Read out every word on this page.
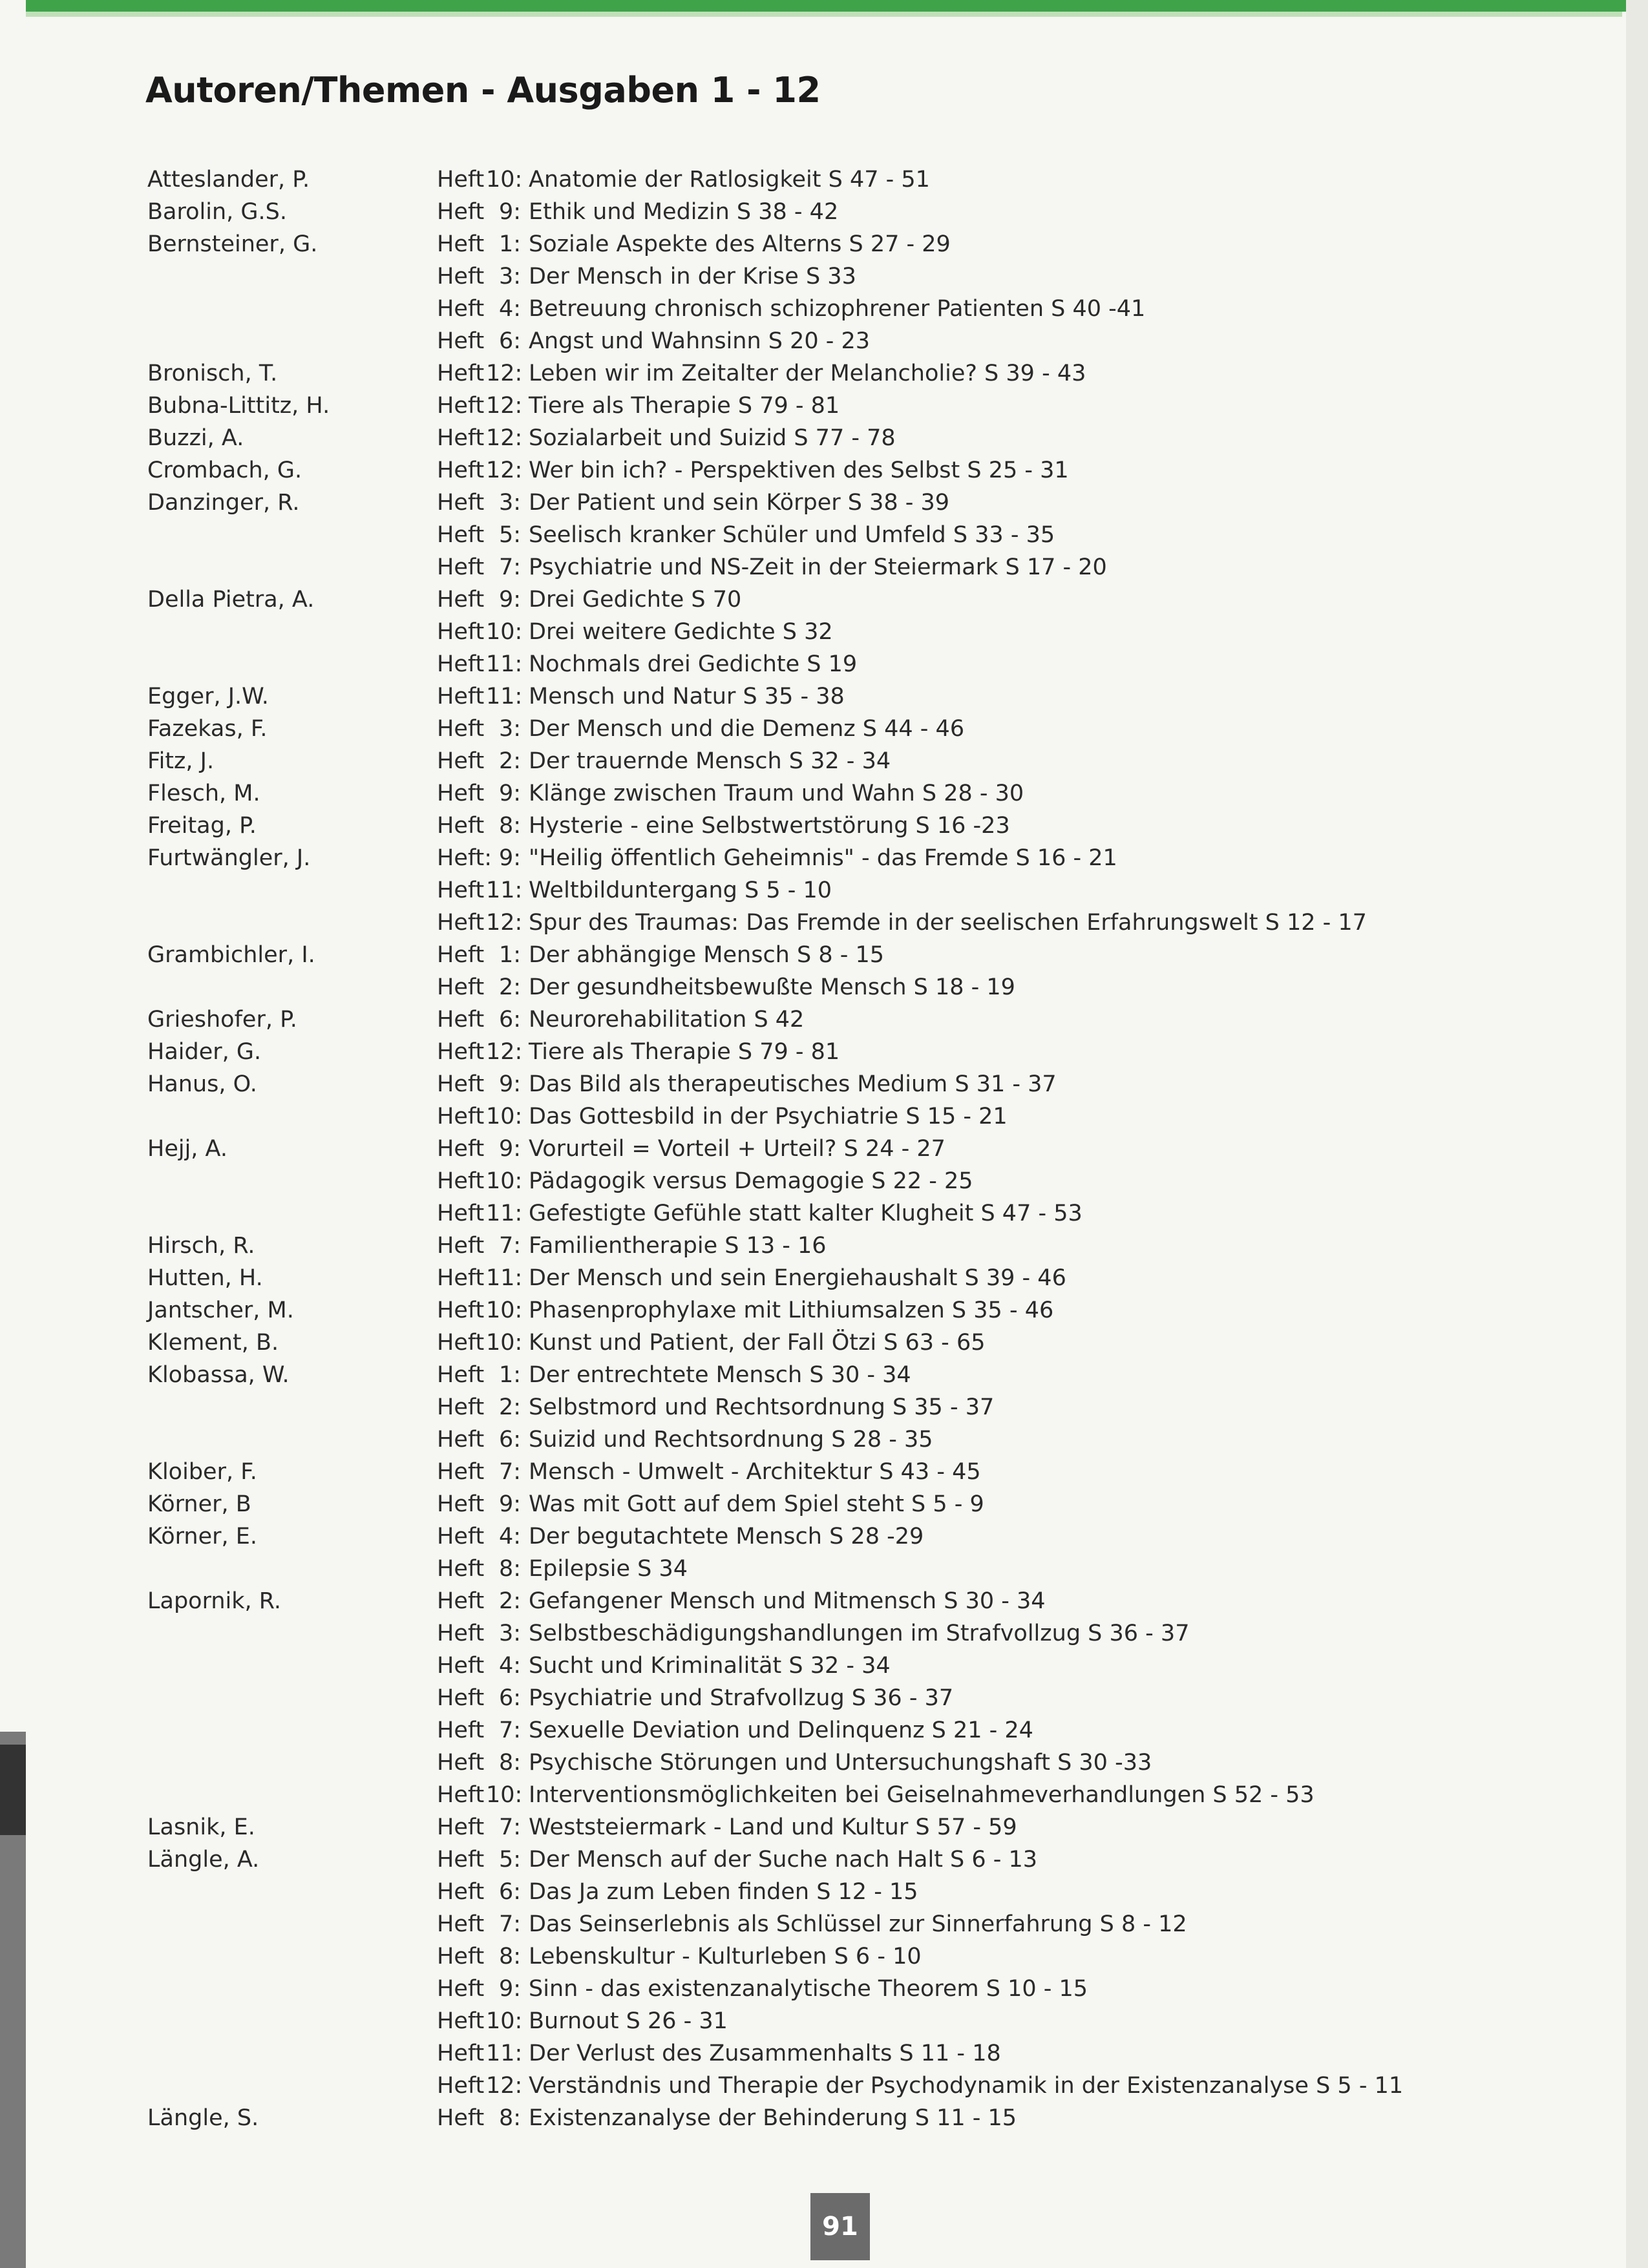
Autoren/Themen - Ausgaben 1 - 12
Atteslander, P.	Heft 10: Anatomie der Ratlosigkeit S 47 - 51
Barolin, G.S.	Heft 9: Ethik und Medizin S 38 - 42
Bernsteiner, G.	Heft 1: Soziale Aspekte des Alterns S 27 - 29
Heft 3: Der Mensch in der Krise S 33
Heft 4: Betreuung chronisch schizophrener Patienten S 40 -41
Heft 6: Angst und Wahnsinn S 20 - 23
Bronisch, T.	Heft 12: Leben wir im Zeitalter der Melancholie? S 39 - 43
Bubna-Littitz, H.	Heft 12: Tiere als Therapie S 79 - 81
Buzzi, A.	Heft 12: Sozialarbeit und Suizid S 77 - 78
Crombach, G.	Heft 12: Wer bin ich? - Perspektiven des Selbst S 25 - 31
Danzinger, R.	Heft 3: Der Patient und sein Körper S 38 - 39
Heft 5: Seelisch kranker Schüler und Umfeld S 33 - 35
Heft 7: Psychiatrie und NS-Zeit in der Steiermark S 17 - 20
Della Pietra, A.	Heft 9: Drei Gedichte S 70
Heft 10: Drei weitere Gedichte S 32
Heft 11: Nochmals drei Gedichte S 19
Egger, J.W.	Heft 11: Mensch und Natur S 35 - 38
Fazekas, F.	Heft 3: Der Mensch und die Demenz S 44 - 46
Fitz, J.	Heft 2: Der trauernde Mensch S 32 - 34
Flesch, M.	Heft 9: Klänge zwischen Traum und Wahn S 28 - 30
Freitag, P.	Heft 8: Hysterie - eine Selbstwertstörung S 16 -23
Furtwängler, J.	Heft: 9: "Heilig öffentlich Geheimnis" - das Fremde S 16 - 21
Heft 11: Weltbilduntergang S 5 - 10
Heft 12: Spur des Traumas: Das Fremde in der seelischen Erfahrungswelt S 12 - 17
Grambichler, I.	Heft 1: Der abhängige Mensch S 8 - 15
Heft 2: Der gesundheitsbewußte Mensch S 18 - 19
Grieshofer, P.	Heft 6: Neurorehabilitation S 42
Haider, G.	Heft 12: Tiere als Therapie S 79 - 81
Hanus, O.	Heft 9: Das Bild als therapeutisches Medium S 31 - 37
Heft 10: Das Gottesbild in der Psychiatrie S 15 - 21
Hejj, A.	Heft 9: Vorurteil = Vorteil + Urteil? S 24 - 27
Heft 10: Pädagogik versus Demagogie S 22 - 25
Heft 11: Gefestigte Gefühle statt kalter Klugheit S 47 - 53
Hirsch, R.	Heft 7: Familientherapie S 13 - 16
Hutten, H.	Heft 11: Der Mensch und sein Energiehaushalt S 39 - 46
Jantscher, M.	Heft 10: Phasenprophylaxe mit Lithiumsalzen S 35 - 46
Klement, B.	Heft 10: Kunst und Patient, der Fall Ötzi S 63 - 65
Klobassa, W.	Heft 1: Der entrechtete Mensch S 30 - 34
Heft 2: Selbstmord und Rechtsordnung S 35 - 37
Heft 6: Suizid und Rechtsordnung S 28 - 35
Kloiber, F.	Heft 7: Mensch - Umwelt - Architektur S 43 - 45
Körner, B	Heft 9: Was mit Gott auf dem Spiel steht S 5 - 9
Körner, E.	Heft 4: Der begutachtete Mensch S 28 -29
Heft 8: Epilepsie S 34
Lapornik, R.	Heft 2: Gefangener Mensch und Mitmensch S 30 - 34
Heft 3: Selbstbeschädigungshandlungen im Strafvollzug S 36 - 37
Heft 4: Sucht und Kriminalität S 32 - 34
Heft 6: Psychiatrie und Strafvollzug S 36 - 37
Heft 7: Sexuelle Deviation und Delinquenz S 21 - 24
Heft 8: Psychische Störungen und Untersuchungshaft S 30 -33
Heft 10: Interventionsmöglichkeiten bei Geiselnahmeverhandlungen S 52 - 53
Lasnik, E.	Heft 7: Weststeiermark - Land und Kultur S 57 - 59
Längle, A.	Heft 5: Der Mensch auf der Suche nach Halt S 6 - 13
Heft 6: Das Ja zum Leben finden S 12 - 15
Heft 7: Das Seinserlebnis als Schlüssel zur Sinnerfahrung S 8 - 12
Heft 8: Lebenskultur - Kulturleben S 6 - 10
Heft 9: Sinn - das existenzanalytische Theorem S 10 - 15
Heft 10: Burnout S 26 - 31
Heft 11: Der Verlust des Zusammenhalts S 11 - 18
Heft 12: Verständnis und Therapie der Psychodynamik in der Existenzanalyse S 5 - 11
Längle, S.	Heft 8: Existenzanalyse der Behinderung S 11 - 15
91
